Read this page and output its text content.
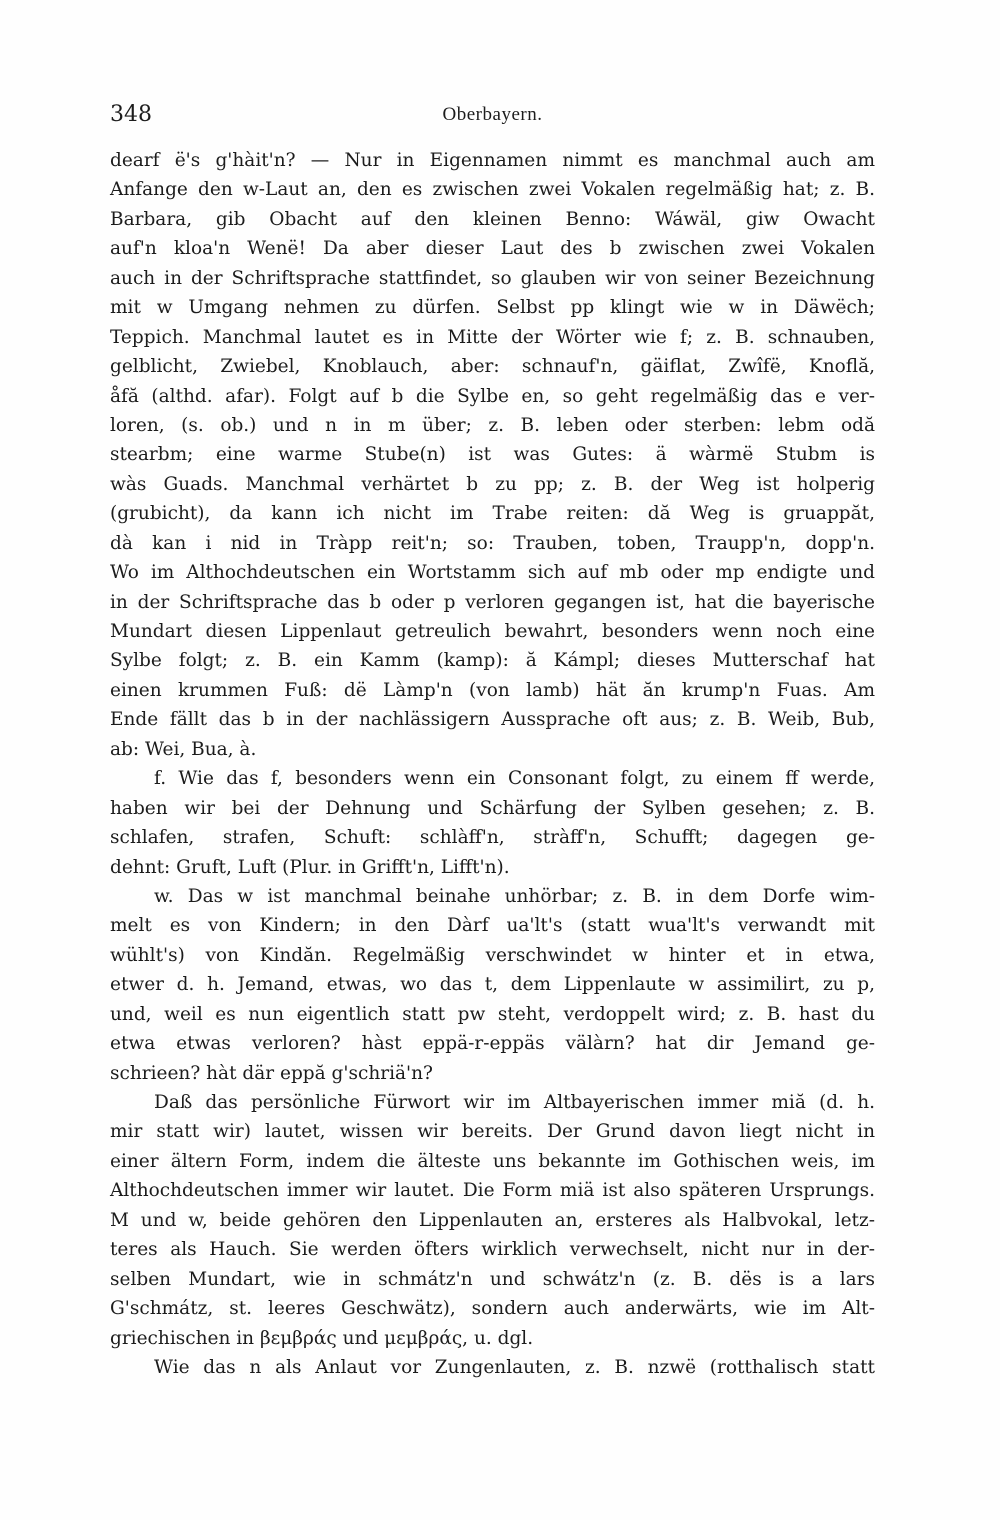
348	Oberbayern.
dearf ë's g'hàit'n? — Nur in Eigennamen nimmt es manchmal auch am
Anfange den w-Laut an, den es zwischen zwei Vokalen regelmäßig hat; z. B.
Barbara, gib Obacht auf den kleinen Benno: Wáwäl, giw Owacht
auf'n kloa'n Wenë! Da aber dieser Laut des b zwischen zwei Vokalen
auch in der Schriftsprache stattfindet, so glauben wir von seiner Bezeichnung
mit w Umgang nehmen zu dürfen. Selbst pp klingt wie w in Däwëch;
Teppich. Manchmal lautet es in Mitte der Wörter wie f; z. B. schnauben,
gelblicht, Zwiebel, Knoblauch, aber: schnauf'n, gäiflat, Zwîfë, Knoflă,
åfă (althd. afar). Folgt auf b die Sylbe en, so geht regelmäßig das e ver-
loren, (s. ob.) und n in m über; z. B. leben oder sterben: lebm odă
stearbm; eine warme Stube(n) ist was Gutes: ä wàrmë Stubm is
wàs Guads. Manchmal verhärtet b zu pp; z. B. der Weg ist holperig
(grubicht), da kann ich nicht im Trabe reiten: dă Weg is gruappăt,
dà kan i nid in Tràpp reit'n; so: Trauben, toben, Traupp'n, dopp'n.
Wo im Althochdeutschen ein Wortstamm sich auf mb oder mp endigte und
in der Schriftsprache das b oder p verloren gegangen ist, hat die bayerische
Mundart diesen Lippenlaut getreulich bewahrt, besonders wenn noch eine
Sylbe folgt; z. B. ein Kamm (kamp): ă Kámpl; dieses Mutterschaf hat
einen krummen Fuß: dë Làmp'n (von lamb) hät ăn krump'n Fuas. Am
Ende fällt das b in der nachlässigern Aussprache oft aus; z. B. Weib, Bub,
ab: Wei, Bua, à.
f. Wie das f, besonders wenn ein Consonant folgt, zu einem ff werde,
haben wir bei der Dehnung und Schärfung der Sylben gesehen; z. B.
schlafen, strafen, Schuft: schlàff'n, stràff'n, Schufft; dagegen ge-
dehnt: Gruft, Luft (Plur. in Grifft'n, Lifft'n).
w. Das w ist manchmal beinahe unhörbar; z. B. in dem Dorfe wim-
melt es von Kindern; in den Dàrf ua'lt's (statt wua'lt's verwandt mit
wühlt's) von Kindăn. Regelmäßig verschwindet w hinter et in etwa,
etwer d. h. Jemand, etwas, wo das t, dem Lippenlaute w assimilirt, zu p,
und, weil es nun eigentlich statt pw steht, verdoppelt wird; z. B. hast du
etwa etwas verloren? hàst eppä-r-eppäs välàrn? hat dir Jemand ge-
schrieen? hàt där eppă g'schriä'n?
Daß das persönliche Fürwort wir im Altbayerischen immer miă (d. h.
mir statt wir) lautet, wissen wir bereits. Der Grund davon liegt nicht in
einer ältern Form, indem die älteste uns bekannte im Gothischen weis, im
Althochdeutschen immer wir lautet. Die Form miä ist also späteren Ursprungs.
M und w, beide gehören den Lippenlauten an, ersteres als Halbvokal, letz-
teres als Hauch. Sie werden öfters wirklich verwechselt, nicht nur in der-
selben Mundart, wie in schmátz'n und schwátz'n (z. B. dës is a lars
G'schmátz, st. leeres Geschwätz), sondern auch anderwärts, wie im Alt-
griechischen in βεμβράς und μεμβράς, u. dgl.
Wie das n als Anlaut vor Zungenlauten, z. B. nzwë (rotthalisch statt
